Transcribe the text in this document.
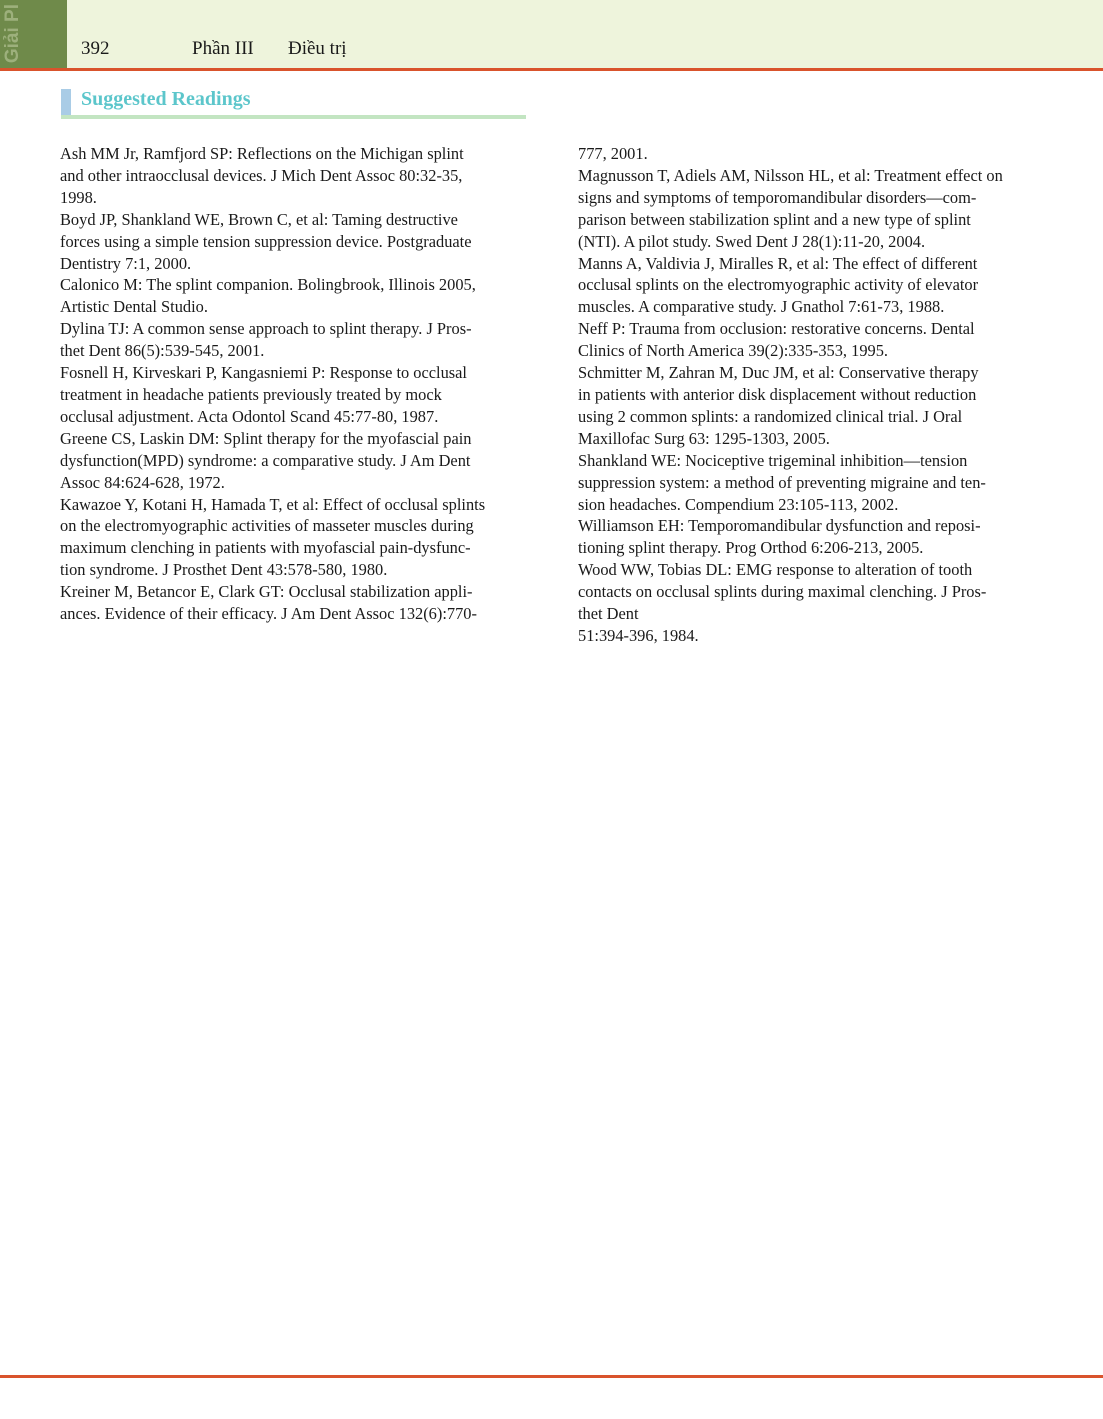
Giải Pl	392	Phần III Điều trị
Suggested Readings
Ash MM Jr, Ramfjord SP: Reflections on the Michigan splint
and other intraocclusal devices. J Mich Dent Assoc 80:32-35,
1998.
Boyd JP, Shankland WE, Brown C, et al: Taming destructive
forces using a simple tension suppression device. Postgraduate
Dentistry 7:1, 2000.
Calonico M: The splint companion. Bolingbrook, Illinois 2005,
Artistic Dental Studio.
Dylina TJ: A common sense approach to splint therapy. J Pros-
thet Dent 86(5):539-545, 2001.
Fosnell H, Kirveskari P, Kangasniemi P: Response to occlusal
treatment in headache patients previously treated by mock
occlusal adjustment. Acta Odontol Scand 45:77-80, 1987.
Greene CS, Laskin DM: Splint therapy for the myofascial pain
dysfunction(MPD) syndrome: a comparative study. J Am Dent
Assoc 84:624-628, 1972.
Kawazoe Y, Kotani H, Hamada T, et al: Effect of occlusal splints
on the electromyographic activities of masseter muscles during
maximum clenching in patients with myofascial pain-dysfunc-
tion syndrome. J Prosthet Dent 43:578-580, 1980.
Kreiner M, Betancor E, Clark GT: Occlusal stabilization appli-
ances. Evidence of their efficacy. J Am Dent Assoc 132(6):770-
777, 2001.
Magnusson T, Adiels AM, Nilsson HL, et al: Treatment effect on
signs and symptoms of temporomandibular disorders—com-
parison between stabilization splint and a new type of splint
(NTI). A pilot study. Swed Dent J 28(1):11-20, 2004.
Manns A, Valdivia J, Miralles R, et al: The effect of different
occlusal splints on the electromyographic activity of elevator
muscles. A comparative study. J Gnathol 7:61-73, 1988.
Neff P: Trauma from occlusion: restorative concerns. Dental
Clinics of North America 39(2):335-353, 1995.
Schmitter M, Zahran M, Duc JM, et al: Conservative therapy
in patients with anterior disk displacement without reduction
using 2 common splints: a randomized clinical trial. J Oral
Maxillofac Surg 63: 1295-1303, 2005.
Shankland WE: Nociceptive trigeminal inhibition—tension
suppression system: a method of preventing migraine and ten-
sion headaches. Compendium 23:105-113, 2002.
Williamson EH: Temporomandibular dysfunction and reposi-
tioning splint therapy. Prog Orthod 6:206-213, 2005.
Wood WW, Tobias DL: EMG response to alteration of tooth
contacts on occlusal splints during maximal clenching. J Pros-
thet Dent
51:394-396, 1984.
